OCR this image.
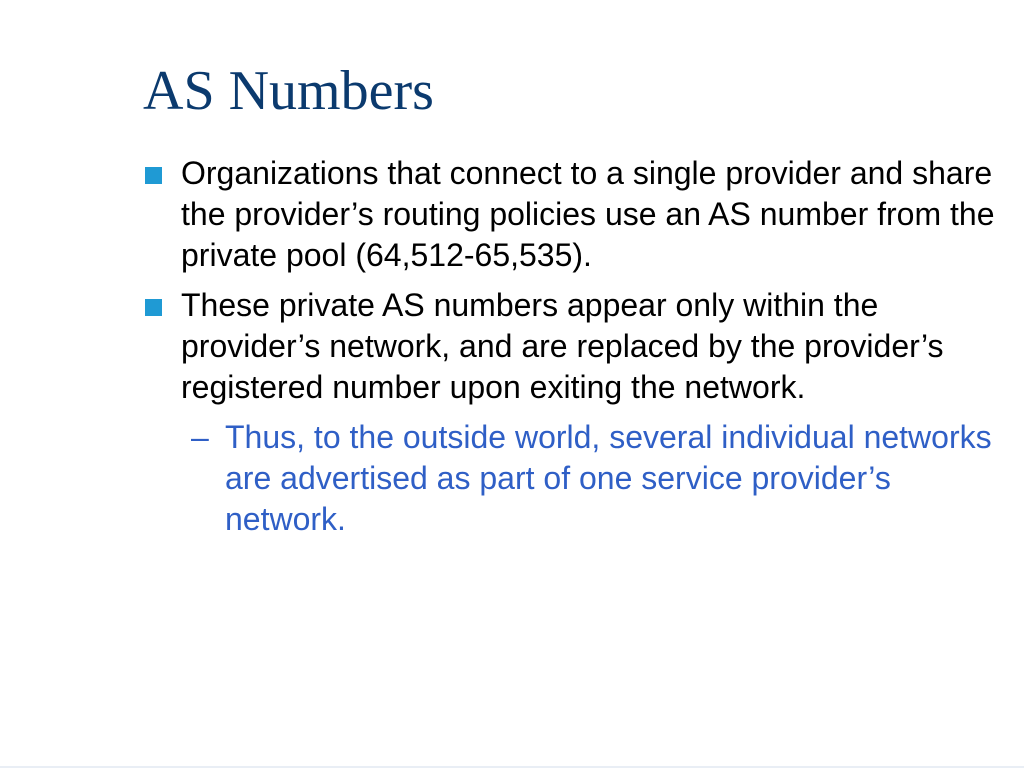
AS Numbers
Organizations that connect to a single provider and share the provider’s routing policies use an AS number from the private pool (64,512-65,535).
These private AS numbers appear only within the provider’s network, and are replaced by the provider’s registered number upon exiting the network.
– Thus, to the outside world, several individual networks are advertised as part of one service provider’s network.
